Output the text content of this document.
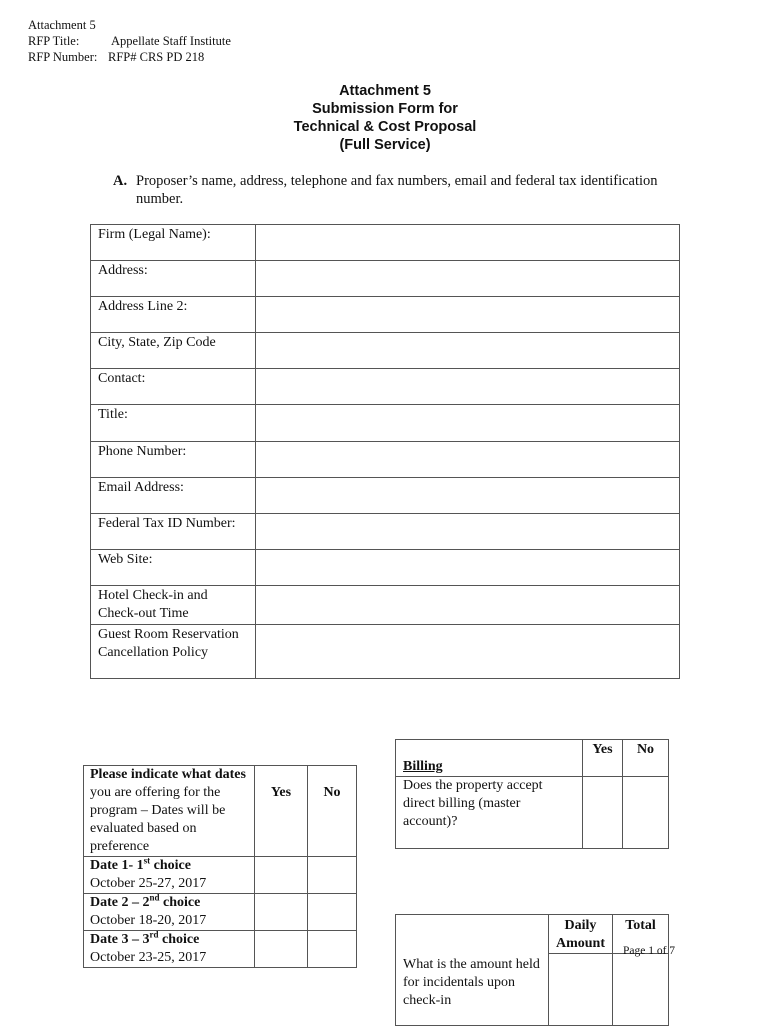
Attachment 5
RFP Title:	Appellate Staff Institute
RFP Number: RFP# CRS PD 218
Attachment 5
Submission Form for
Technical & Cost Proposal
(Full Service)
A. Proposer’s name, address, telephone and fax numbers, email and federal tax identification number.
Firm (Legal Name):	
Address:	
Address Line 2:	
City, State, Zip Code	
Contact:	
Title:	
Phone Number:	
Email Address:	
Federal Tax ID Number:	
Web Site:	
Hotel Check-in and Check-out Time	
Guest Room Reservation Cancellation Policy	
Please indicate what dates you are offering for the program – Dates will be evaluated based on preference	Yes	No
Date 1- 1st choice
October 25-27, 2017		
Date 2 – 2nd choice
October 18-20, 2017		
Date 3 – 3rd choice
October 23-25, 2017		
Billing	Yes	No
Does the property accept direct billing (master account)?		
	Daily Amount	Total
What is the amount held for incidentals upon check-in		
Page 1 of 7
